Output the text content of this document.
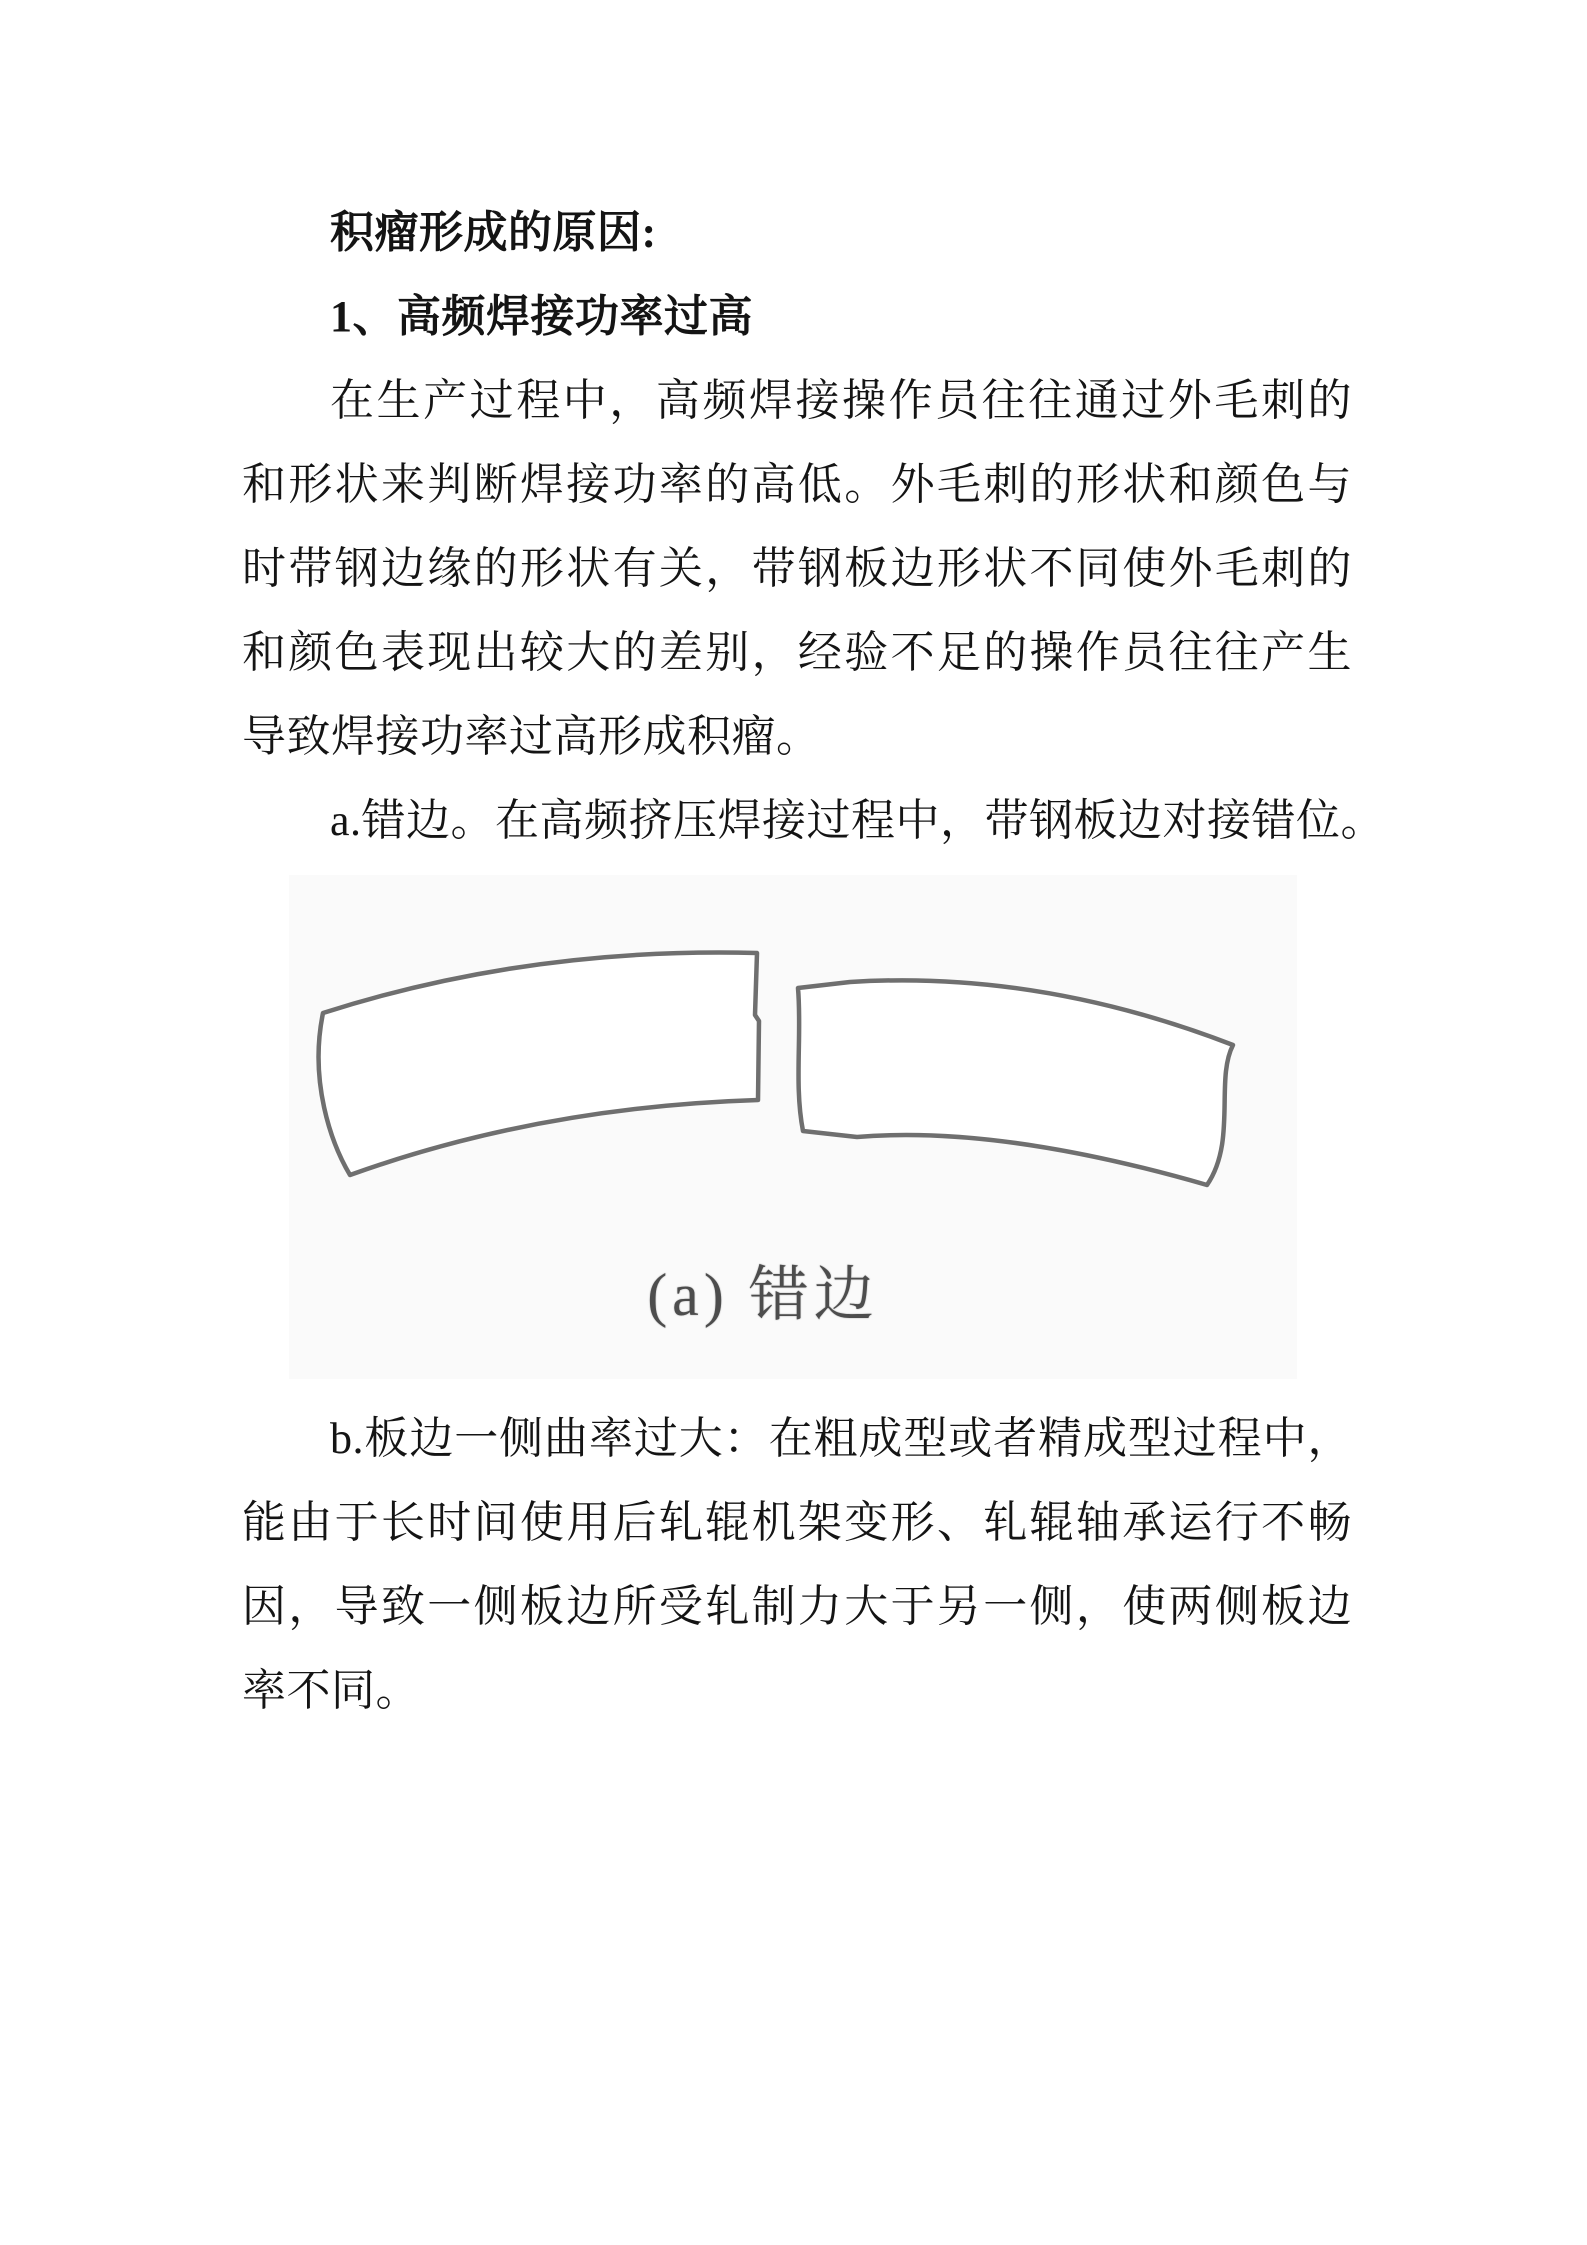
积瘤形成的原因:
1、高频焊接功率过高
在生产过程中，高频焊接操作员往往通过外毛刺的
和形状来判断焊接功率的高低。外毛刺的形状和颜色与
时带钢边缘的形状有关，带钢板边形状不同使外毛刺的
和颜色表现出较大的差别，经验不足的操作员往往产生
导致焊接功率过高形成积瘤。
a.错边。在高频挤压焊接过程中，带钢板边对接错位。
(a) 错边
b.板边一侧曲率过大：在粗成型或者精成型过程中，
能由于长时间使用后轧辊机架变形、轧辊轴承运行不畅
因，导致一侧板边所受轧制力大于另一侧，使两侧板边
率不同。
